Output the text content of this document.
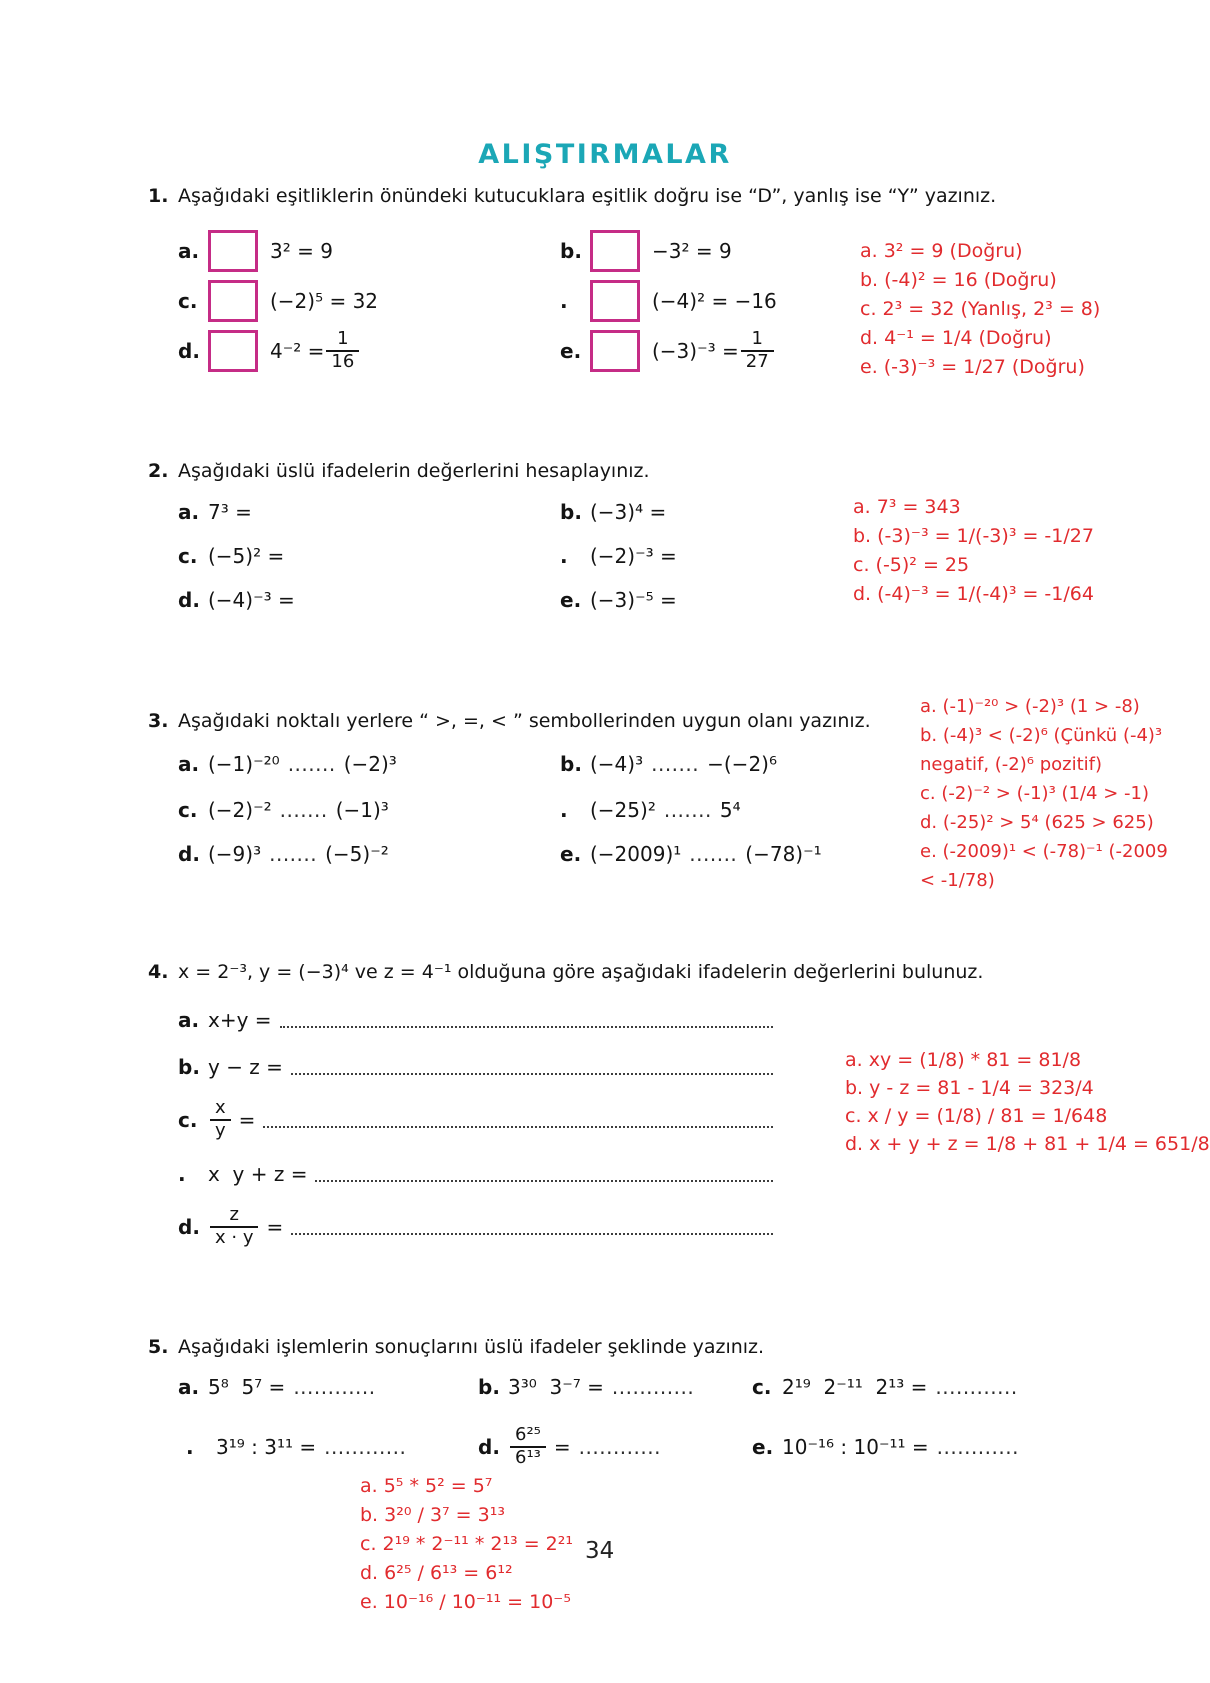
ALIŞTIRMALAR
1. Aşağıdaki eşitliklerin önündeki kutucuklara eşitlik doğru ise “D”, yanlış ise “Y” yazınız.
a.	3² = 9	b.	−3² = 9
c.	(−2)⁵ = 32	.	(−4)² = −16
d.	$4^{-2} = \frac{1}{16}$	e.	$(-3)^{-3} = \frac{1}{27}$
a. 3² = 9 (Doğru)
b. (-4)² = 16 (Doğru)
c. 2³ = 32 (Yanlış, 2³ = 8)
d. 4⁻¹ = 1/4 (Doğru)
e. (-3)⁻³ = 1/27 (Doğru)
2. Aşağıdaki üslü ifadelerin değerlerini hesaplayınız.
a. 7³ =	b. (−3)⁴ =
c. (−5)² =	.	(−2)⁻³ =
d. (−4)⁻³ =	e. (−3)⁻⁵ =
a. 7³ = 343
b. (-3)⁻³ = 1/(-3)³ = -1/27
c. (-5)² = 25
d. (-4)⁻³ = 1/(-4)³ = -1/64
3. Aşağıdaki noktalı yerlere “ >, =, < ” sembollerinden uygun olanı yazınız.
a. (−1)⁻²⁰ ....... (−2)³	b. (−4)³ ....... −(−2)⁶
c. (−2)⁻² ....... (−1)³	.	(−25)² ....... 5⁴
d. (−9)³ ....... (−5)⁻²	e. (−2009)¹ ....... (−78)⁻¹
a. (-1)⁻²⁰ > (-2)³ (1 > -8)
b. (-4)³ < (-2)⁶ (Çünkü (-4)³
negatif, (-2)⁶ pozitif)
c. (-2)⁻² > (-1)³ (1/4 > -1)
d. (-25)² > 5⁴ (625 > 625)
e. (-2009)¹ < (-78)⁻¹ (-2009
< -1/78)
4. x = 2⁻³, y = (−3)⁴ ve z = 4⁻¹ olduğuna göre aşağıdaki ifadelerin değerlerini bulunuz.
a. x+y =
b. y − z =
c. $\frac{x}{y}$ =
.	x  y + z =
d. $\frac{z}{x \cdot y}$ =
a. xy = (1/8) * 81 = 81/8
b. y - z = 81 - 1/4 = 323/4
c. x / y = (1/8) / 81 = 1/648
d. x + y + z = 1/8 + 81 + 1/4 = 651/8
5. Aşağıdaki işlemlerin sonuçlarını üslü ifadeler şeklinde yazınız.
a. 5⁸  5⁷ = ............	b. 3³⁰  3⁻⁷ = ............	c. 2¹⁹  2⁻¹¹  2¹³ = ............
.	3¹⁹ : 3¹¹ = ............	d. $\frac{\text{6²⁵}}{\text{6¹³}}$ = ............	e. 10⁻¹⁶ : 10⁻¹¹ = ............
a. 5⁵ * 5² = 5⁷
b. 3²⁰ / 3⁷ = 3¹³
c. 2¹⁹ * 2⁻¹¹ * 2¹³ = 2²¹
d. 6²⁵ / 6¹³ = 6¹²
e. 10⁻¹⁶ / 10⁻¹¹ = 10⁻⁵
34
